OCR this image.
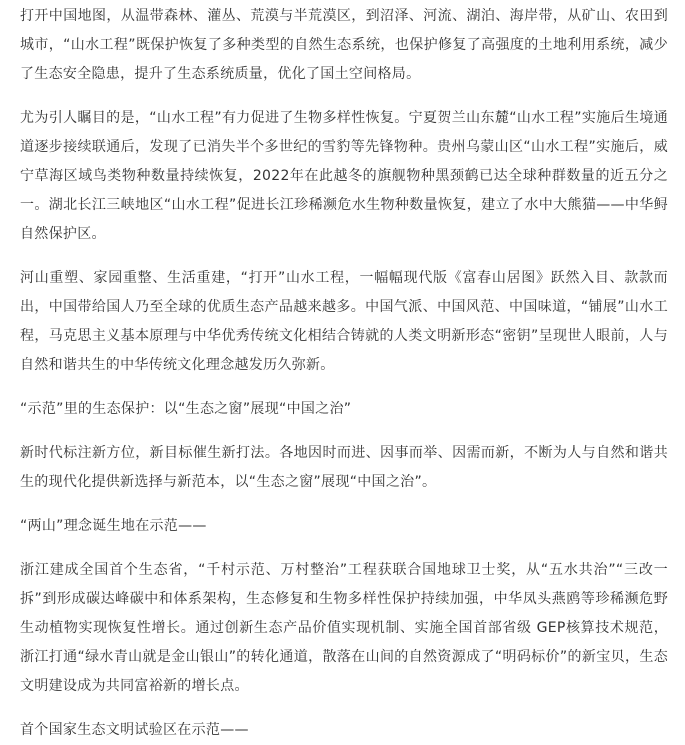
打开中国地图，从温带森林、灌丛、荒漠与半荒漠区，到沼泽、河流、湖泊、海岸带，从矿山、农田到城市，“山水工程”既保护恢复了多种类型的自然生态系统，也保护修复了高强度的土地利用系统，减少了生态安全隐患，提升了生态系统质量，优化了国土空间格局。

尤为引人瞩目的是，“山水工程”有力促进了生物多样性恢复。宁夏贺兰山东麓“山水工程”实施后生境通道逐步接续联通后，发现了已消失半个多世纪的雪豹等先锋物种。贵州乌蒙山区“山水工程”实施后，威宁草海区域鸟类物种数量持续恢复，2022年在此越冬的旗舰物种黑颈鹤已达全球种群数量的近五分之一。湖北长江三峡地区“山水工程”促进长江珍稀濒危水生物种数量恢复，建立了水中大熊猫——中华鲟自然保护区。

河山重塑、家园重整、生活重建，“打开”山水工程，一幅幅现代版《富春山居图》跃然入目、款款而出，中国带给国人乃至全球的优质生态产品越来越多。中国气派、中国风范、中国味道，“铺展”山水工程，马克思主义基本原理与中华优秀传统文化相结合铸就的人类文明新形态“密钥”呈现世人眼前，人与自然和谐共生的中华传统文化理念越发历久弥新。

“示范”里的生态保护：以“生态之窗”展现“中国之治”

新时代标注新方位，新目标催生新打法。各地因时而进、因事而举、因需而新，不断为人与自然和谐共生的现代化提供新选择与新范本，以“生态之窗”展现“中国之治”。

“两山”理念诞生地在示范——

浙江建成全国首个生态省，“千村示范、万村整治”工程获联合国地球卫士奖，从“五水共治”“三改一拆”到形成碳达峰碳中和体系架构，生态修复和生物多样性保护持续加强，中华凤头燕鸥等珍稀濒危野生动植物实现恢复性增长。通过创新生态产品价值实现机制、实施全国首部省级 GEP核算技术规范，浙江打通“绿水青山就是金山银山”的转化通道，散落在山间的自然资源成了“明码标价”的新宝贝，生态文明建设成为共同富裕新的增长点。

首个国家生态文明试验区在示范——
